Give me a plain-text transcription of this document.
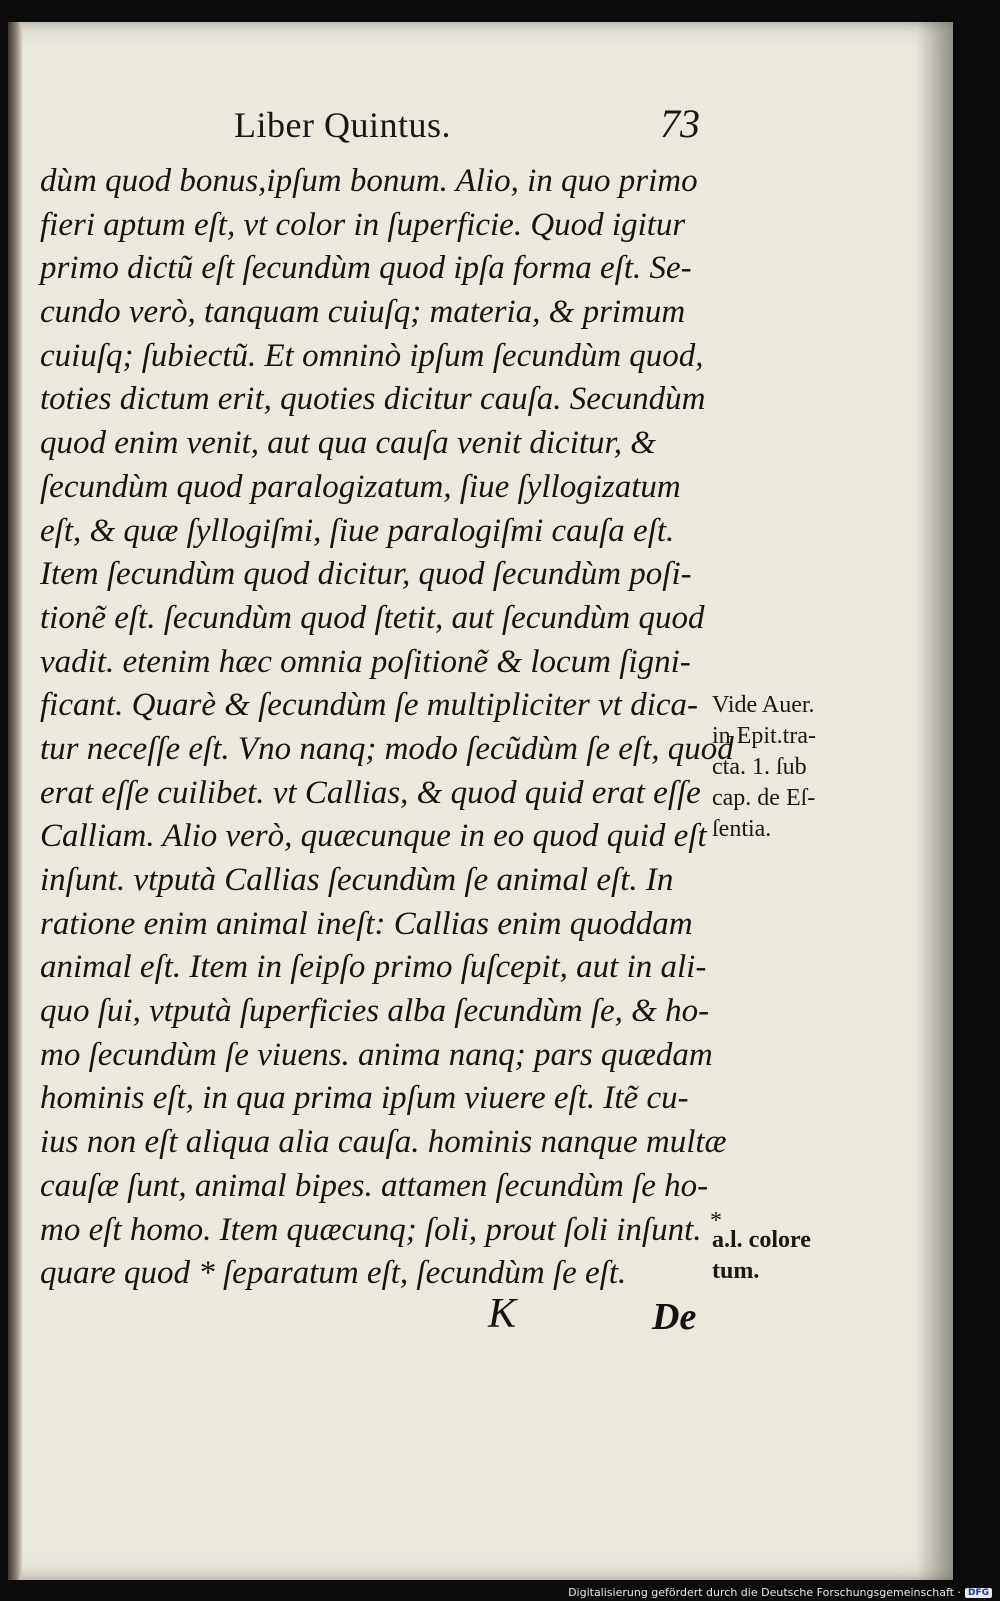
Liber Quintus.	73
dùm quod bonus,ipſum bonum. Alio, in quo primo
fieri aptum eſt, vt color in ſuperficie. Quod igitur
primo dictũ eſt ſecundùm quod ipſa forma eſt. Se-
cundo verò, tanquam cuiuſq; materia, & primum
cuiuſq; ſubiectũ. Et omninò ipſum ſecundùm quod,
toties dictum erit, quoties dicitur cauſa. Secundùm
quod enim venit, aut qua cauſa venit dicitur, &
ſecundùm quod paralogizatum, ſiue ſyllogizatum
eſt, & quæ ſyllogiſmi, ſiue paralogiſmi cauſa eſt.
Item ſecundùm quod dicitur, quod ſecundùm poſi-
tionẽ eſt. ſecundùm quod ſtetit, aut ſecundùm quod
vadit. etenim hæc omnia poſitionẽ & locum ſigni-
ficant. Quarè & ſecundùm ſe multipliciter vt dica-
tur neceſſe eſt. Vno nanq; modo ſecũdùm ſe eſt, quod
erat eſſe cuilibet. vt Callias, & quod quid erat eſſe
Calliam. Alio verò, quæcunque in eo quod quid eſt
inſunt. vtputà Callias ſecundùm ſe animal eſt. In
ratione enim animal ineſt: Callias enim quoddam
animal eſt. Item in ſeipſo primo ſuſcepit, aut in ali-
quo ſui, vtputà ſuperficies alba ſecundùm ſe, & ho-
mo ſecundùm ſe viuens. anima nanq; pars quædam
hominis eſt, in qua prima ipſum viuere eſt. Itẽ cu-
ius non eſt aliqua alia cauſa. hominis nanque multæ
cauſæ ſunt, animal bipes. attamen ſecundùm ſe ho-
mo eſt homo. Item quæcunq; ſoli, prout ſoli inſunt.
quare quod * ſeparatum eſt, ſecundùm ſe eſt.
Vide Auer.
in Epit.tra-
cta. 1. ſub
cap. de Eſ-
ſentia.
*
a.l. colore
tum.
K	De
Digitalisierung gefördert durch die Deutsche Forschungsgemeinschaft · DFG
